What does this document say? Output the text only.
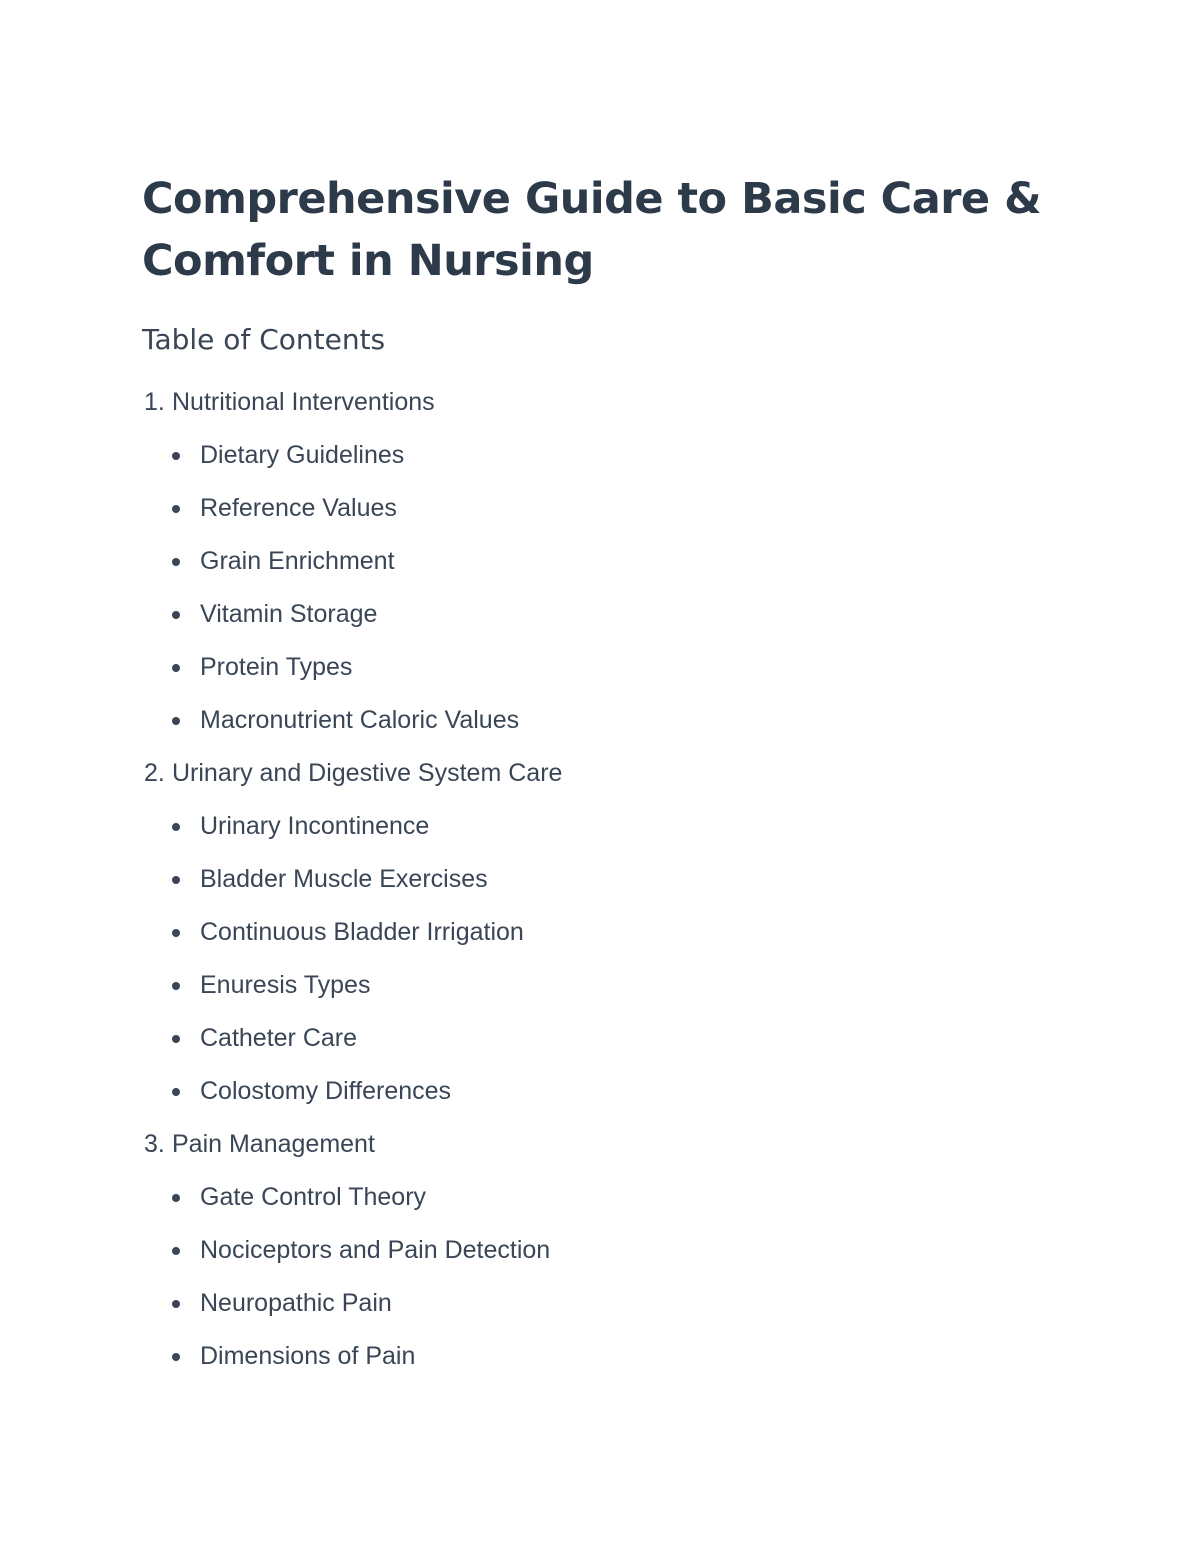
Comprehensive Guide to Basic Care &
Comfort in Nursing
Table of Contents
1. Nutritional Interventions
Dietary Guidelines
Reference Values
Grain Enrichment
Vitamin Storage
Protein Types
Macronutrient Caloric Values
2. Urinary and Digestive System Care
Urinary Incontinence
Bladder Muscle Exercises
Continuous Bladder Irrigation
Enuresis Types
Catheter Care
Colostomy Differences
3. Pain Management
Gate Control Theory
Nociceptors and Pain Detection
Neuropathic Pain
Dimensions of Pain
